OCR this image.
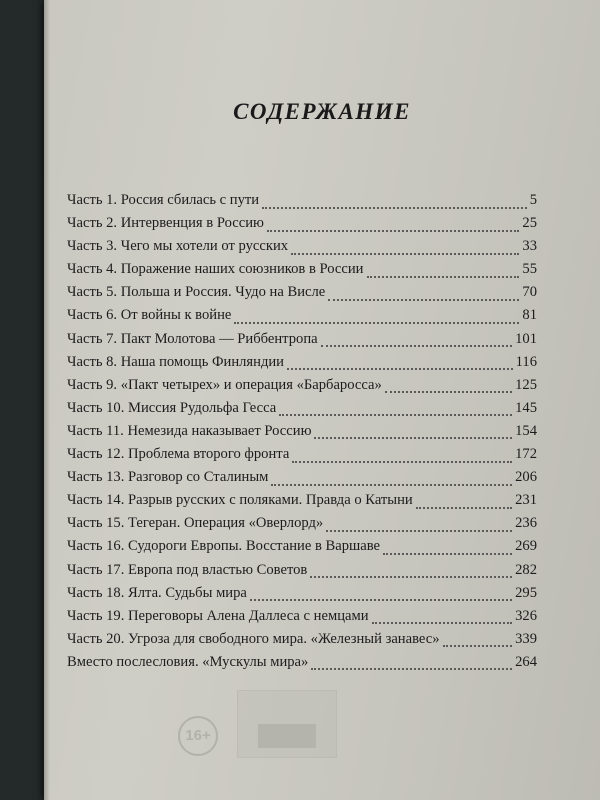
СОДЕРЖАНИЕ
Часть 1. Россия сбилась с пути	5
Часть 2. Интервенция в Россию	25
Часть 3. Чего мы хотели от русских	33
Часть 4. Поражение наших союзников в России	55
Часть 5. Польша и Россия. Чудо на Висле	70
Часть 6. От войны к войне	81
Часть 7. Пакт Молотова — Риббентропа	101
Часть 8. Наша помощь Финляндии	116
Часть 9. «Пакт четырех» и операция «Барбаросса»	125
Часть 10. Миссия Рудольфа Гесса	145
Часть 11. Немезида наказывает Россию	154
Часть 12. Проблема второго фронта	172
Часть 13. Разговор со Сталиным	206
Часть 14. Разрыв русских с поляками. Правда о Катыни	231
Часть 15. Тегеран. Операция «Оверлорд»	236
Часть 16. Судороги Европы. Восстание в Варшаве	269
Часть 17. Европа под властью Советов	282
Часть 18. Ялта. Судьбы мира	295
Часть 19. Переговоры Алена Даллеса с немцами	326
Часть 20. Угроза для свободного мира. «Железный занавес»	339
Вместо послесловия. «Мускулы мира»	264
16+
